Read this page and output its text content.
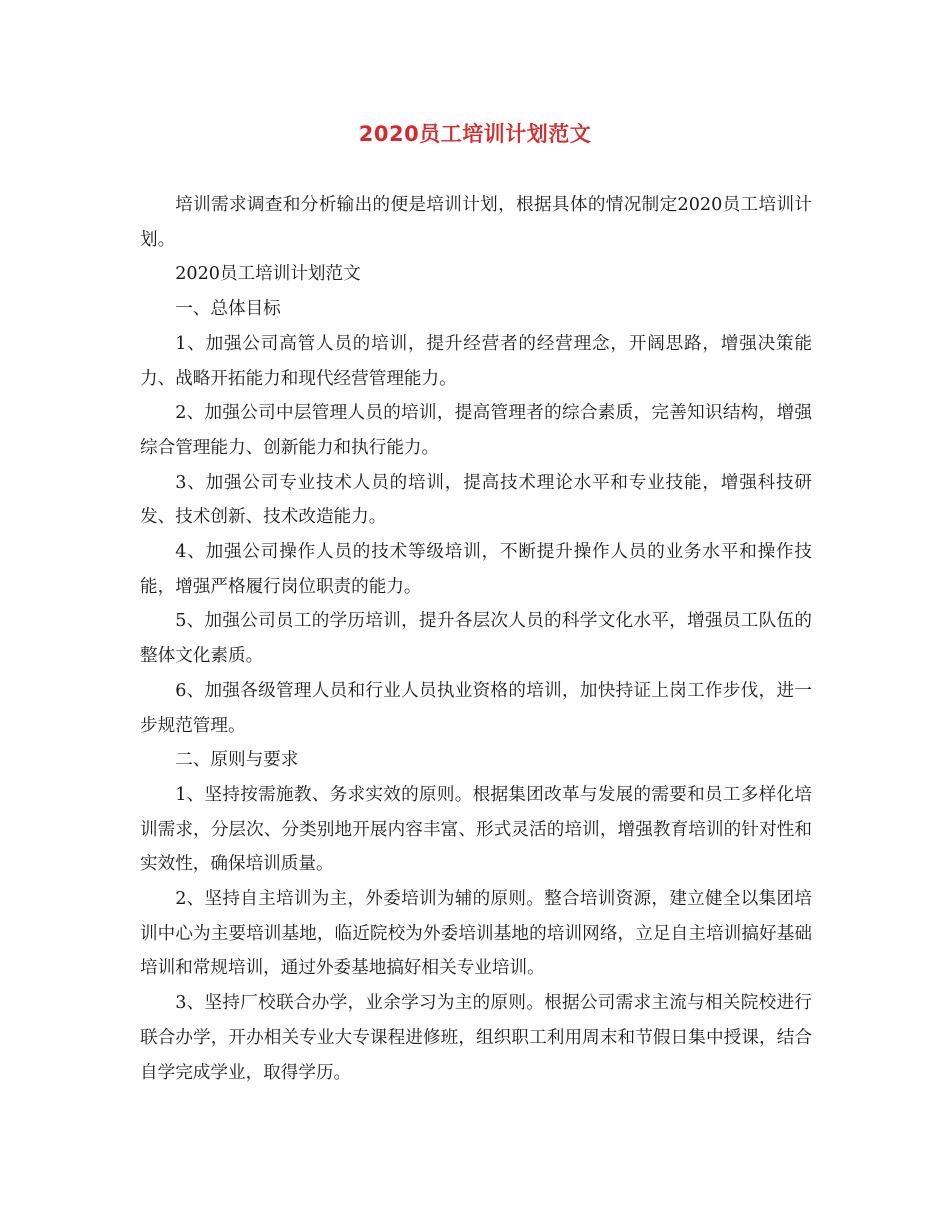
2020员工培训计划范文

培训需求调查和分析输出的便是培训计划，根据具体的情况制定2020员工培训计划。

2020员工培训计划范文

一、总体目标

1、加强公司高管人员的培训，提升经营者的经营理念，开阔思路，增强决策能力、战略开拓能力和现代经营管理能力。

2、加强公司中层管理人员的培训，提高管理者的综合素质，完善知识结构，增强综合管理能力、创新能力和执行能力。

3、加强公司专业技术人员的培训，提高技术理论水平和专业技能，增强科技研发、技术创新、技术改造能力。

4、加强公司操作人员的技术等级培训，不断提升操作人员的业务水平和操作技能，增强严格履行岗位职责的能力。

5、加强公司员工的学历培训，提升各层次人员的科学文化水平，增强员工队伍的整体文化素质。

6、加强各级管理人员和行业人员执业资格的培训，加快持证上岗工作步伐，进一步规范管理。

二、原则与要求

1、坚持按需施教、务求实效的原则。根据集团改革与发展的需要和员工多样化培训需求，分层次、分类别地开展内容丰富、形式灵活的培训，增强教育培训的针对性和实效性，确保培训质量。

2、坚持自主培训为主，外委培训为辅的原则。整合培训资源，建立健全以集团培训中心为主要培训基地，临近院校为外委培训基地的培训网络，立足自主培训搞好基础培训和常规培训，通过外委基地搞好相关专业培训。

3、坚持厂校联合办学，业余学习为主的原则。根据公司需求主流与相关院校进行联合办学，开办相关专业大专课程进修班，组织职工利用周末和节假日集中授课，结合自学完成学业，取得学历。
